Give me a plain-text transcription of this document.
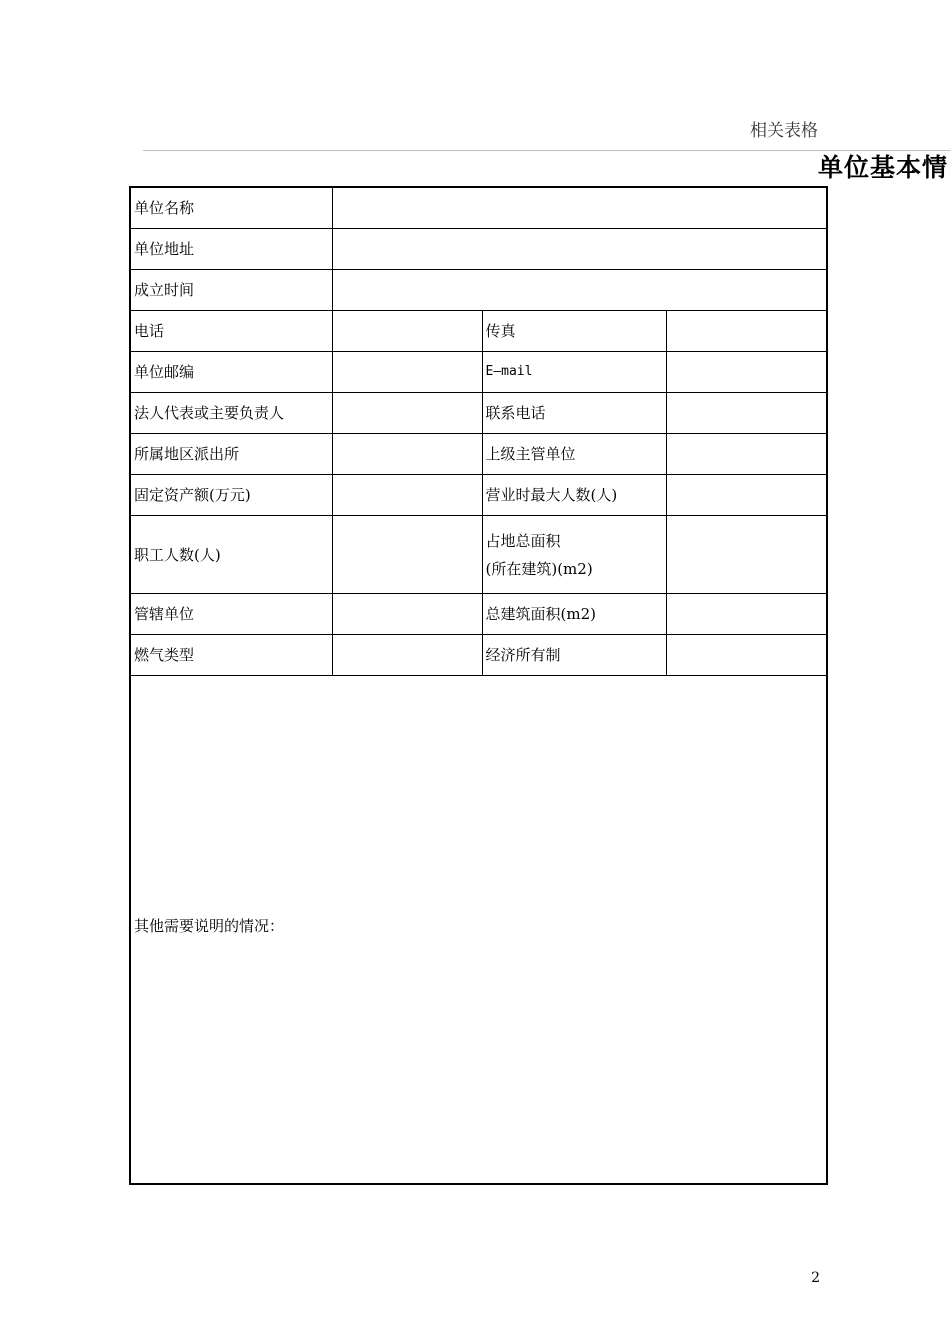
相关表格
单位基本情
单位名称			
单位地址			
成立时间			
电话		传真	
单位邮编		E—mail	
法人代表或主要负责人		联系电话	
所属地区派出所		上级主管单位	
固定资产额(万元)		营业时最大人数(人)	
职工人数(人)		占地总面积
(所在建筑)(m2)	

管辖单位		总建筑面积(m2)	
燃气类型		经济所有制	
其他需要说明的情况：			
2
